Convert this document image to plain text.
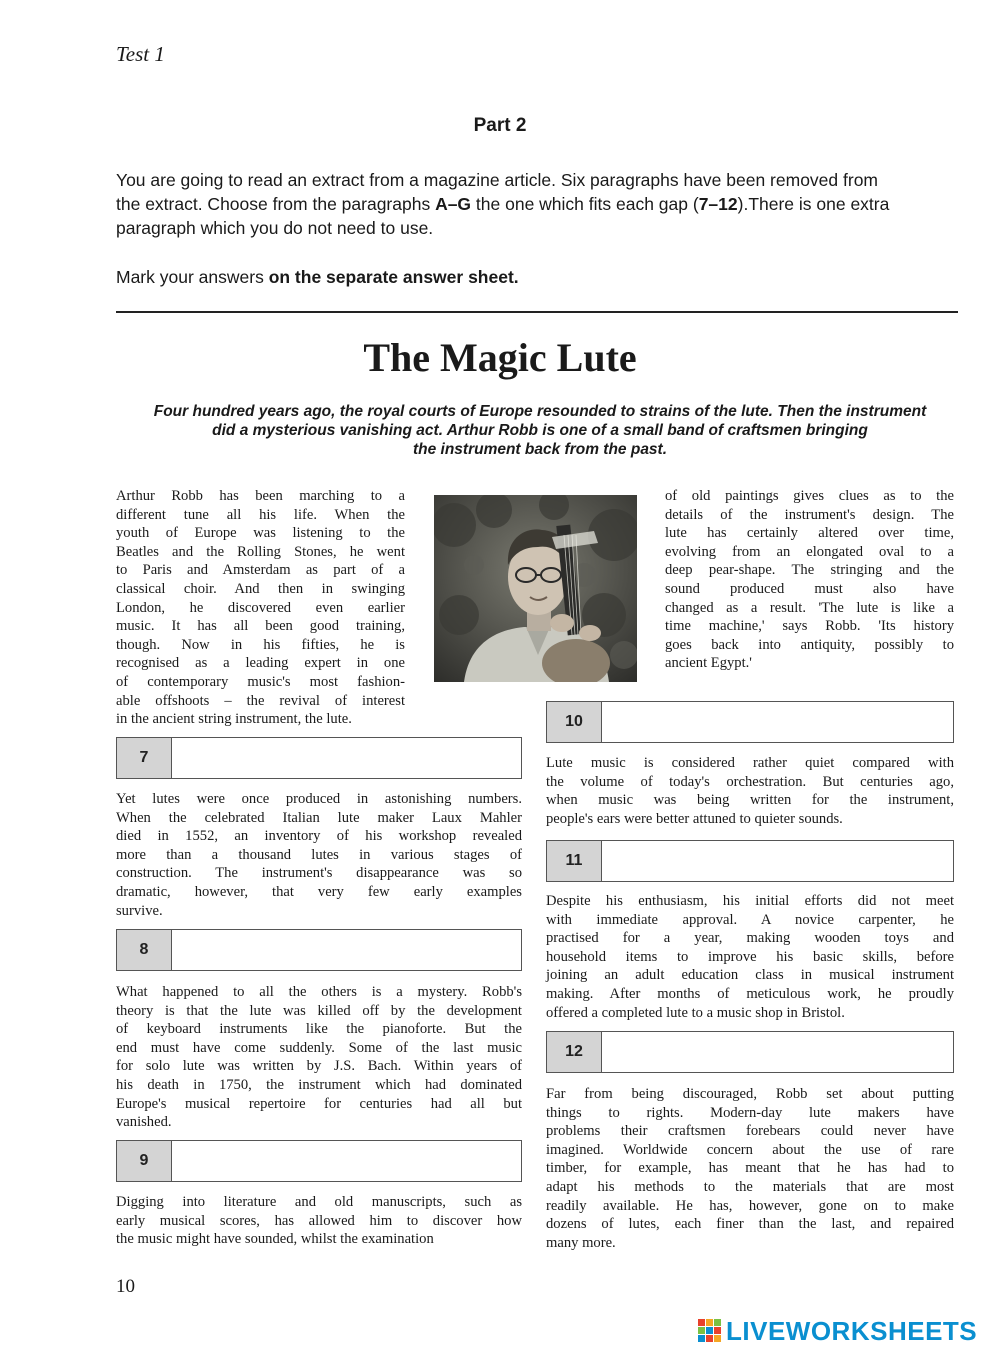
Test 1
Part 2
You are going to read an extract from a magazine article. Six paragraphs have been removed from
the extract. Choose from the paragraphs A–G the one which fits each gap (7–12).There is one extra
paragraph which you do not need to use.
Mark your answers on the separate answer sheet.
The Magic Lute
Four hundred years ago, the royal courts of Europe resounded to strains of the lute. Then the instrument
did a mysterious vanishing act. Arthur Robb is one of a small band of craftsmen bringing
the instrument back from the past.
Arthur Robb has been marching to a
different tune all his life. When the
youth of Europe was listening to the
Beatles and the Rolling Stones, he went
to Paris and Amsterdam as part of a
classical choir. And then in swinging
London, he discovered even earlier
music. It has all been good training,
though. Now in his fifties, he is
recognised as a leading expert in one
of contemporary music's most fashion-
able offshoots – the revival of interest
in the ancient string instrument, the lute.
7
Yet lutes were once produced in astonishing numbers.
When the celebrated Italian lute maker Laux Mahler
died in 1552, an inventory of his workshop revealed
more than a thousand lutes in various stages of
construction. The instrument's disappearance was so
dramatic, however, that very few early examples
survive.
8
What happened to all the others is a mystery. Robb's
theory is that the lute was killed off by the development
of keyboard instruments like the pianoforte. But the
end must have come suddenly. Some of the last music
for solo lute was written by J.S. Bach. Within years of
his death in 1750, the instrument which had dominated
Europe's musical repertoire for centuries had all but
vanished.
9
Digging into literature and old manuscripts, such as
early musical scores, has allowed him to discover how
the music might have sounded, whilst the examination
of old paintings gives clues as to the
details of the instrument's design. The
lute has certainly altered over time,
evolving from an elongated oval to a
deep pear-shape. The stringing and the
sound produced must also have
changed as a result. 'The lute is like a
time machine,' says Robb. 'Its history
goes back into antiquity, possibly to
ancient Egypt.'
10
Lute music is considered rather quiet compared with
the volume of today's orchestration. But centuries ago,
when music was being written for the instrument,
people's ears were better attuned to quieter sounds.
11
Despite his enthusiasm, his initial efforts did not meet
with immediate approval. A novice carpenter, he
practised for a year, making wooden toys and
household items to improve his basic skills, before
joining an adult education class in musical instrument
making. After months of meticulous work, he proudly
offered a completed lute to a music shop in Bristol.
12
Far from being discouraged, Robb set about putting
things to rights. Modern-day lute makers have
problems their craftsmen forebears could never have
imagined. Worldwide concern about the use of rare
timber, for example, has meant that he has had to
adapt his methods to the materials that are most
readily available. He has, however, gone on to make
dozens of lutes, each finer than the last, and repaired
many more.
10
LIVEWORKSHEETS
